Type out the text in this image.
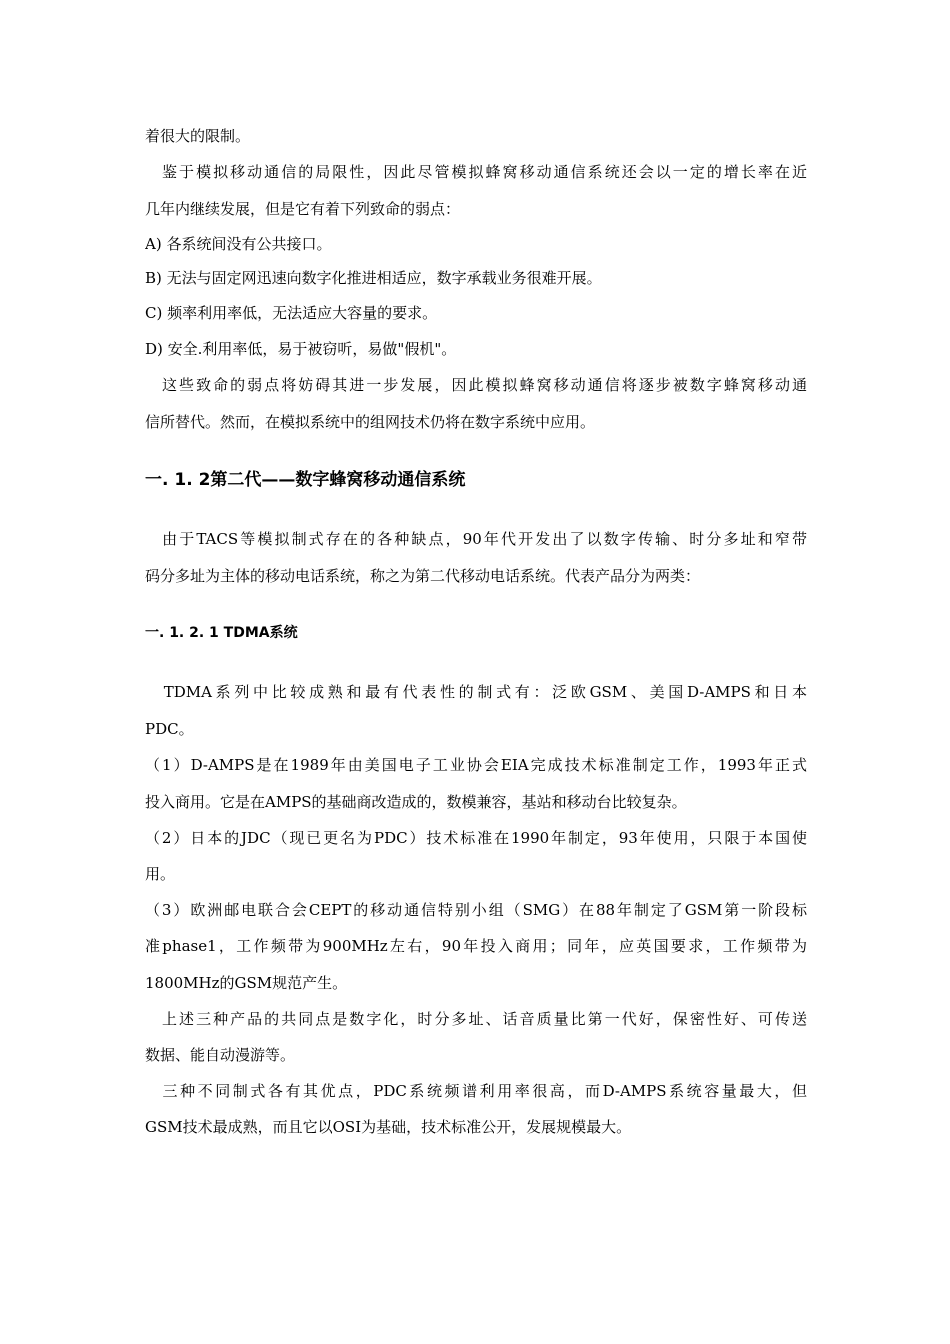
着很大的限制。
　鉴于模拟移动通信的局限性，因此尽管模拟蜂窝移动通信系统还会以一定的增长率在近
几年内继续发展，但是它有着下列致命的弱点：
A) 各系统间没有公共接口。
B) 无法与固定网迅速向数字化推进相适应，数字承载业务很难开展。
C) 频率利用率低，无法适应大容量的要求。
D) 安全.利用率低，易于被窃听，易做"假机"。
　这些致命的弱点将妨碍其进一步发展，因此模拟蜂窝移动通信将逐步被数字蜂窝移动通
信所替代。然而，在模拟系统中的组网技术仍将在数字系统中应用。
一. 1. 2第二代——数字蜂窝移动通信系统
　由于TACS等模拟制式存在的各种缺点，90年代开发出了以数字传输、时分多址和窄带
码分多址为主体的移动电话系统，称之为第二代移动电话系统。代表产品分为两类：
一. 1. 2. 1 TDMA系统
　TDMA系列中比较成熟和最有代表性的制式有：泛欧GSM、美国D-AMPS和日本
PDC。
（1）D-AMPS是在1989年由美国电子工业协会EIA完成技术标准制定工作，1993年正式
投入商用。它是在AMPS的基础商改造成的，数模兼容，基站和移动台比较复杂。
（2）日本的JDC（现已更名为PDC）技术标准在1990年制定，93年使用，只限于本国使
用。
（3）欧洲邮电联合会CEPT的移动通信特别小组（SMG）在88年制定了GSM第一阶段标
准phase1，工作频带为900MHz左右，90年投入商用；同年，应英国要求，工作频带为
1800MHz的GSM规范产生。
　上述三种产品的共同点是数字化，时分多址、话音质量比第一代好，保密性好、可传送
数据、能自动漫游等。
　三种不同制式各有其优点，PDC系统频谱利用率很高，而D-AMPS系统容量最大，但
GSM技术最成熟，而且它以OSI为基础，技术标准公开，发展规模最大。
